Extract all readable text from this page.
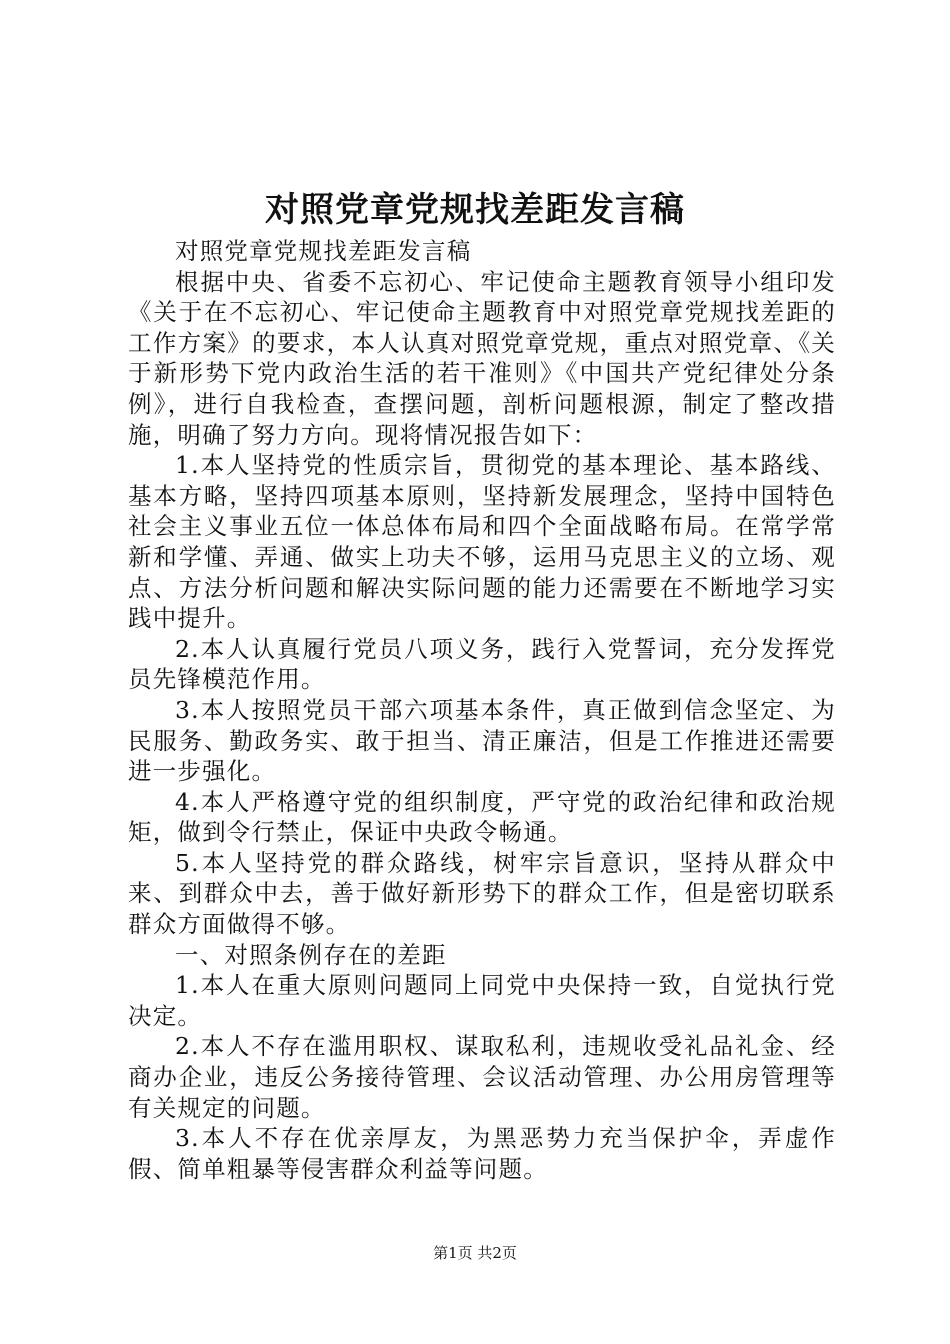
对照党章党规找差距发言稿

对照党章党规找差距发言稿

根据中央、省委不忘初心、牢记使命主题教育领导小组印发《关于在不忘初心、牢记使命主题教育中对照党章党规找差距的工作方案》的要求，本人认真对照党章党规，重点对照党章、《关于新形势下党内政治生活的若干准则》《中国共产党纪律处分条例》，进行自我检查，查摆问题，剖析问题根源，制定了整改措施，明确了努力方向。现将情况报告如下：

1.本人坚持党的性质宗旨，贯彻党的基本理论、基本路线、基本方略，坚持四项基本原则，坚持新发展理念，坚持中国特色社会主义事业五位一体总体布局和四个全面战略布局。在常学常新和学懂、弄通、做实上功夫不够，运用马克思主义的立场、观点、方法分析问题和解决实际问题的能力还需要在不断地学习实践中提升。

2.本人认真履行党员八项义务，践行入党誓词，充分发挥党员先锋模范作用。

3.本人按照党员干部六项基本条件，真正做到信念坚定、为民服务、勤政务实、敢于担当、清正廉洁，但是工作推进还需要进一步强化。

4.本人严格遵守党的组织制度，严守党的政治纪律和政治规矩，做到令行禁止，保证中央政令畅通。

5.本人坚持党的群众路线，树牢宗旨意识，坚持从群众中来、到群众中去，善于做好新形势下的群众工作，但是密切联系群众方面做得不够。

一、对照条例存在的差距

1.本人在重大原则问题同上同党中央保持一致，自觉执行党决定。

2.本人不存在滥用职权、谋取私利，违规收受礼品礼金、经商办企业，违反公务接待管理、会议活动管理、办公用房管理等有关规定的问题。

3.本人不存在优亲厚友，为黑恶势力充当保护伞，弄虚作假、简单粗暴等侵害群众利益等问题。

第1页 共2页
